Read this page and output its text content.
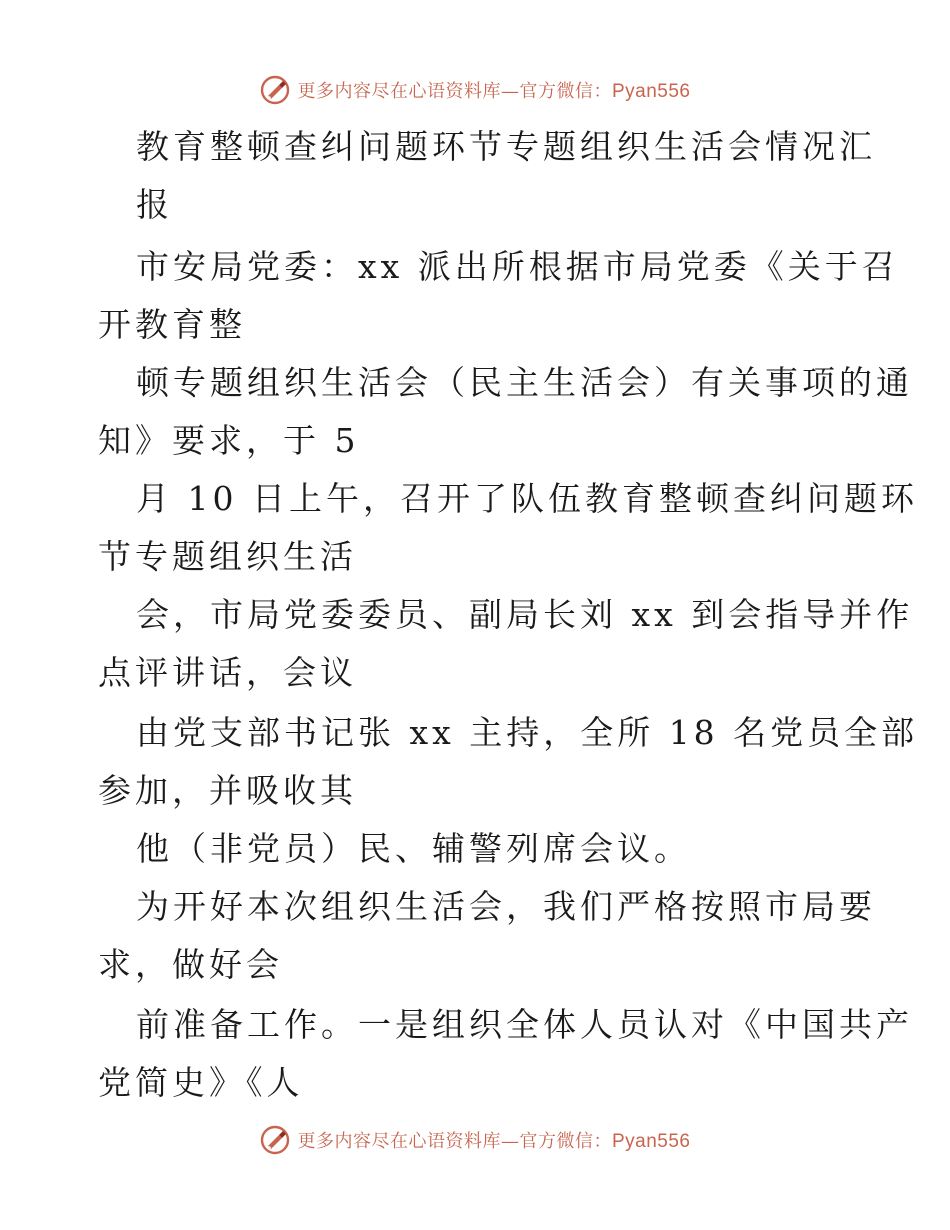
更多内容尽在心语资料库—官方微信：Pyan556
教育整顿查纠问题环节专题组织生活会情况汇
报
市安局党委：xx 派出所根据市局党委《关于召
开教育整
顿专题组织生活会（民主生活会）有关事项的通
知》要求，于 5
月 10 日上午，召开了队伍教育整顿查纠问题环
节专题组织生活
会，市局党委委员、副局长刘 xx 到会指导并作
点评讲话，会议
由党支部书记张 xx 主持，全所 18 名党员全部
参加，并吸收其
他（非党员）民、辅警列席会议。
为开好本次组织生活会，我们严格按照市局要
求，做好会
前准备工作。一是组织全体人员认对《中国共产
党简史》《人
更多内容尽在心语资料库—官方微信：Pyan556
